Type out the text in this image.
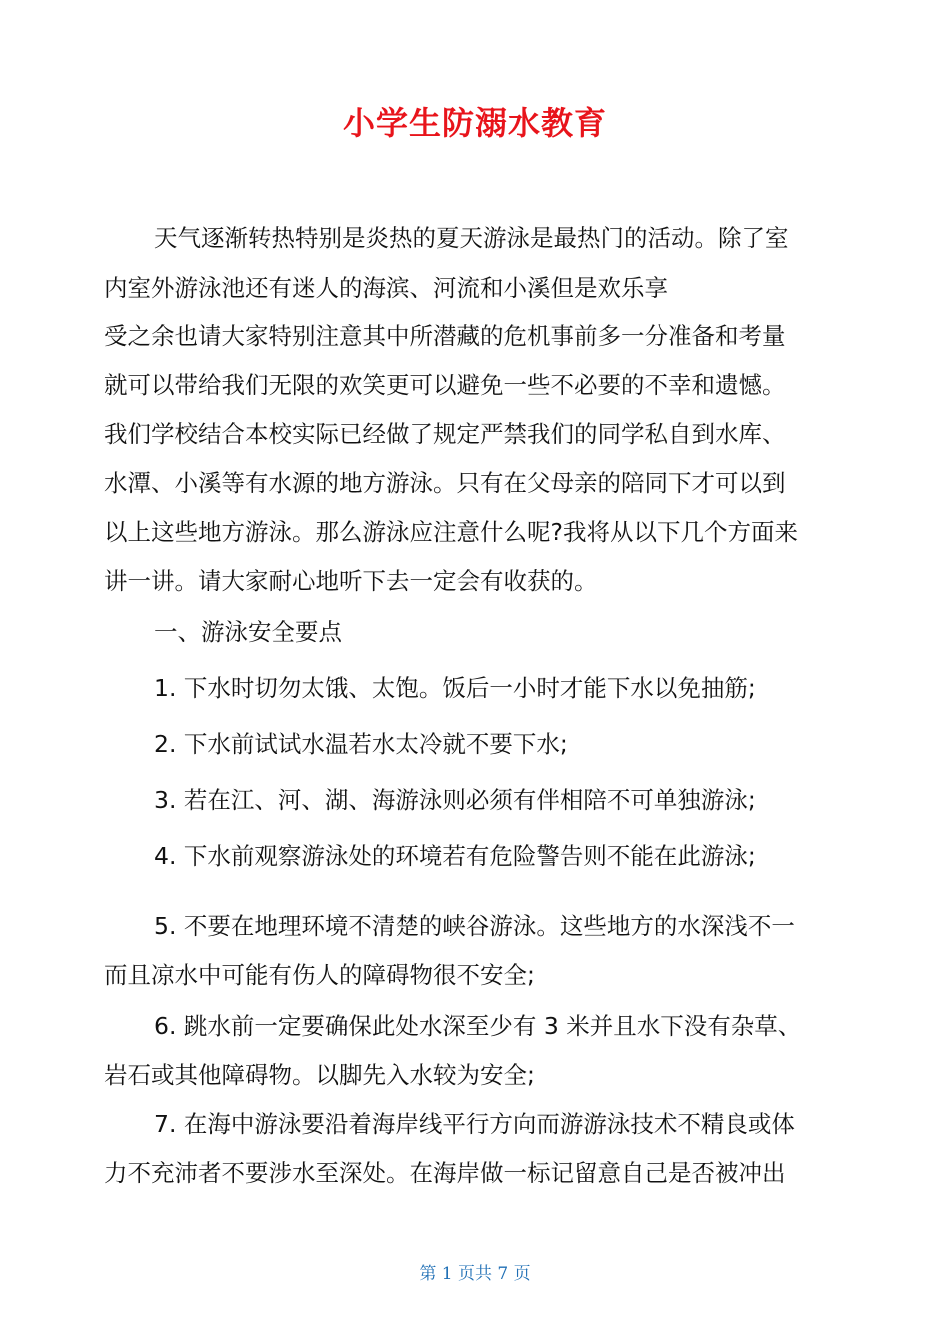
小学生防溺水教育
天气逐渐转热特别是炎热的夏天游泳是最热门的活动。除了室
内室外游泳池还有迷人的海滨、河流和小溪但是欢乐享
受之余也请大家特别注意其中所潜藏的危机事前多一分准备和考量
就可以带给我们无限的欢笑更可以避免一些不必要的不幸和遗憾。
我们学校结合本校实际已经做了规定严禁我们的同学私自到水库、
水潭、小溪等有水源的地方游泳。只有在父母亲的陪同下才可以到
以上这些地方游泳。那么游泳应注意什么呢?我将从以下几个方面来
讲一讲。请大家耐心地听下去一定会有收获的。
一、游泳安全要点
1. 下水时切勿太饿、太饱。饭后一小时才能下水以免抽筋;
2. 下水前试试水温若水太冷就不要下水;
3. 若在江、河、湖、海游泳则必须有伴相陪不可单独游泳;
4. 下水前观察游泳处的环境若有危险警告则不能在此游泳;
5. 不要在地理环境不清楚的峡谷游泳。这些地方的水深浅不一
而且凉水中可能有伤人的障碍物很不安全;
6. 跳水前一定要确保此处水深至少有 3 米并且水下没有杂草、
岩石或其他障碍物。以脚先入水较为安全;
7. 在海中游泳要沿着海岸线平行方向而游游泳技术不精良或体
力不充沛者不要涉水至深处。在海岸做一标记留意自己是否被冲出
第 1 页共 7 页
